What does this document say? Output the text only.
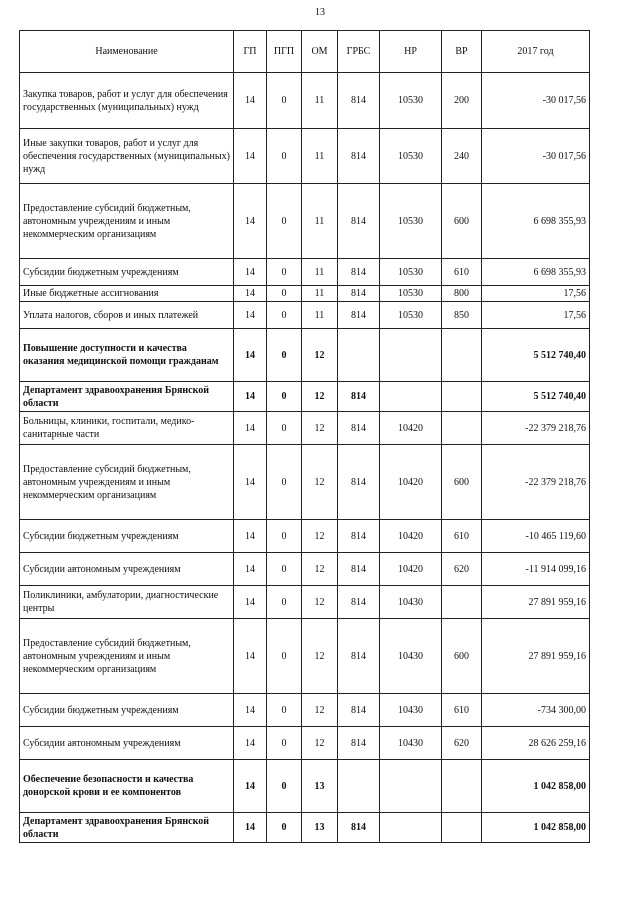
13
Наименование	ГП	ПГП	ОМ	ГРБС	НР	ВР	2017 год
Закупка товаров, работ и услуг для обеспечения государственных (муниципальных) нужд	14	0	11	814	10530	200	-30 017,56
Иные закупки товаров, работ и услуг для обеспечения государственных (муниципальных) нужд	14	0	11	814	10530	240	-30 017,56
Предоставление субсидий бюджетным, автономным учреждениям и иным некоммерческим организациям	14	0	11	814	10530	600	6 698 355,93
Субсидии бюджетным учреждениям	14	0	11	814	10530	610	6 698 355,93
Иные бюджетные ассигнования	14	0	11	814	10530	800	17,56
Уплата налогов, сборов и иных платежей	14	0	11	814	10530	850	17,56
Повышение доступности и качества оказания медицинской помощи гражданам	14	0	12				5 512 740,40
Департамент здравоохранения Брянской области	14	0	12	814			5 512 740,40
Больницы, клиники, госпитали, медико-санитарные части	14	0	12	814	10420		-22 379 218,76
Предоставление субсидий бюджетным, автономным учреждениям и иным некоммерческим организациям	14	0	12	814	10420	600	-22 379 218,76
Субсидии бюджетным учреждениям	14	0	12	814	10420	610	-10 465 119,60
Субсидии автономным учреждениям	14	0	12	814	10420	620	-11 914 099,16
Поликлиники, амбулатории, диагностические центры	14	0	12	814	10430		27 891 959,16
Предоставление субсидий бюджетным, автономным учреждениям и иным некоммерческим организациям	14	0	12	814	10430	600	27 891 959,16
Субсидии бюджетным учреждениям	14	0	12	814	10430	610	-734 300,00
Субсидии автономным учреждениям	14	0	12	814	10430	620	28 626 259,16
Обеспечение безопасности и качества донорской крови и ее компонентов	14	0	13				1 042 858,00
Департамент здравоохранения Брянской области	14	0	13	814			1 042 858,00
